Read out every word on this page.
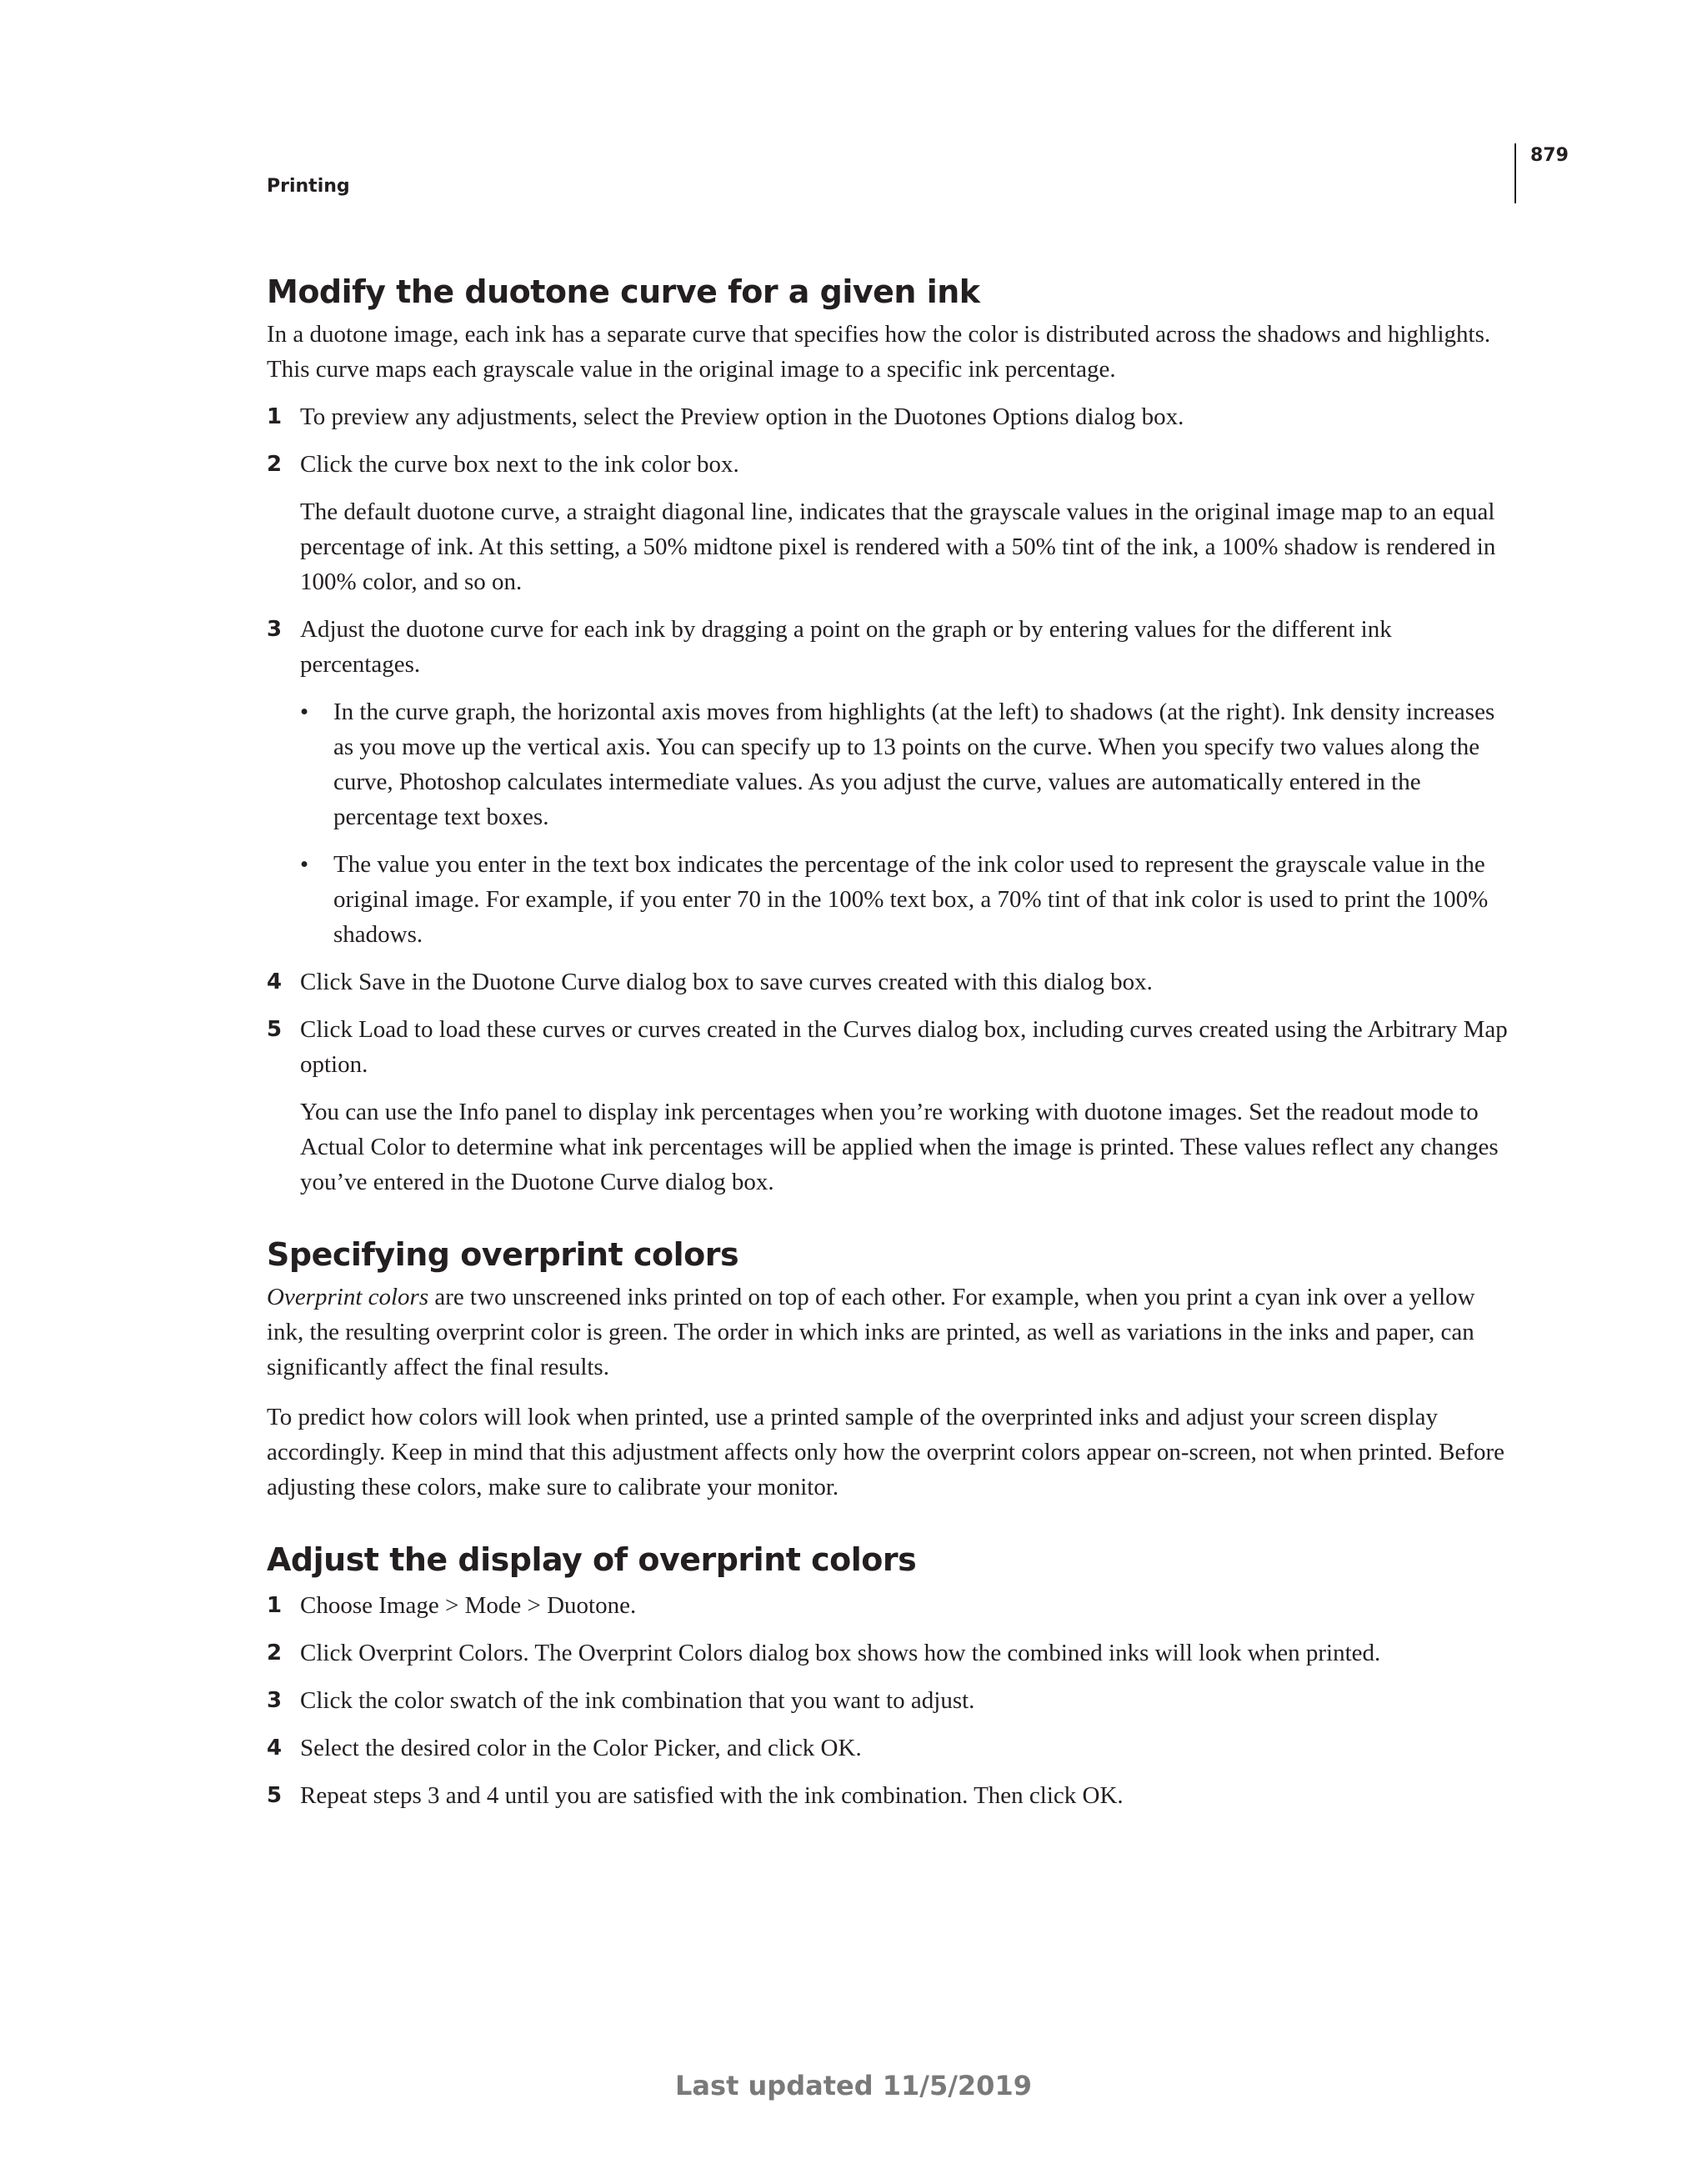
879
Printing
Modify the duotone curve for a given ink

In a duotone image, each ink has a separate curve that specifies how the color is distributed across the shadows and highlights. This curve maps each grayscale value in the original image to a specific ink percentage.

1 To preview any adjustments, select the Preview option in the Duotones Options dialog box.
2 Click the curve box next to the ink color box.
The default duotone curve, a straight diagonal line, indicates that the grayscale values in the original image map to an equal percentage of ink. At this setting, a 50% midtone pixel is rendered with a 50% tint of the ink, a 100% shadow is rendered in 100% color, and so on.
3 Adjust the duotone curve for each ink by dragging a point on the graph or by entering values for the different ink percentages.
• In the curve graph, the horizontal axis moves from highlights (at the left) to shadows (at the right). Ink density increases as you move up the vertical axis. You can specify up to 13 points on the curve. When you specify two values along the curve, Photoshop calculates intermediate values. As you adjust the curve, values are automatically entered in the percentage text boxes.
• The value you enter in the text box indicates the percentage of the ink color used to represent the grayscale value in the original image. For example, if you enter 70 in the 100% text box, a 70% tint of that ink color is used to print the 100% shadows.
4 Click Save in the Duotone Curve dialog box to save curves created with this dialog box.
5 Click Load to load these curves or curves created in the Curves dialog box, including curves created using the Arbitrary Map option.
You can use the Info panel to display ink percentages when you’re working with duotone images. Set the readout mode to Actual Color to determine what ink percentages will be applied when the image is printed. These values reflect any changes you’ve entered in the Duotone Curve dialog box.
Specifying overprint colors

Overprint colors are two unscreened inks printed on top of each other. For example, when you print a cyan ink over a yellow ink, the resulting overprint color is green. The order in which inks are printed, as well as variations in the inks and paper, can significantly affect the final results.

To predict how colors will look when printed, use a printed sample of the overprinted inks and adjust your screen display accordingly. Keep in mind that this adjustment affects only how the overprint colors appear on-screen, not when printed. Before adjusting these colors, make sure to calibrate your monitor.

Adjust the display of overprint colors
1 Choose Image > Mode > Duotone.
2 Click Overprint Colors. The Overprint Colors dialog box shows how the combined inks will look when printed.
3 Click the color swatch of the ink combination that you want to adjust.
4 Select the desired color in the Color Picker, and click OK.
5 Repeat steps 3 and 4 until you are satisfied with the ink combination. Then click OK.
Last updated 11/5/2019
